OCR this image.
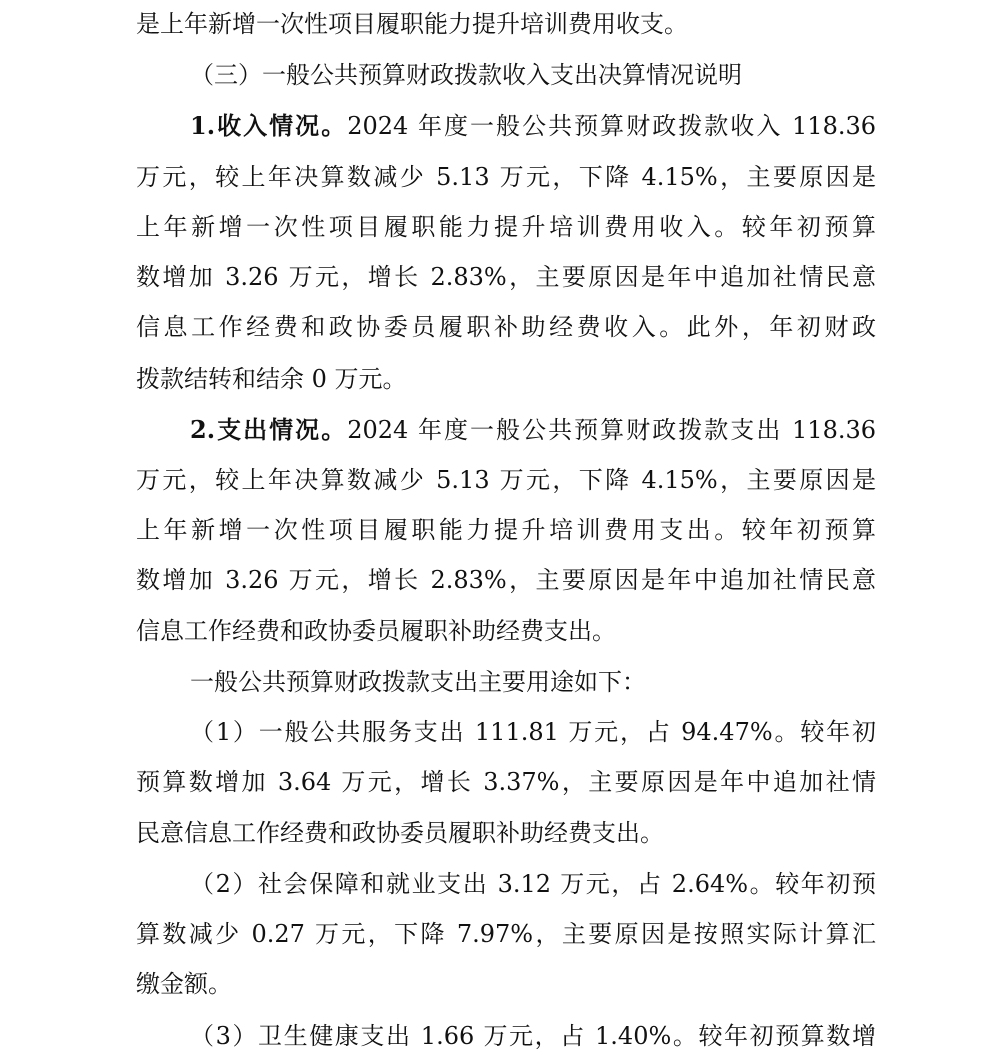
是上年新增一次性项目履职能力提升培训费用收支。
（三）一般公共预算财政拨款收入支出决算情况说明
1.收入情况。2024 年度一般公共预算财政拨款收入 118.36
万元，较上年决算数减少 5.13 万元，下降 4.15%，主要原因是
上年新增一次性项目履职能力提升培训费用收入。较年初预算
数增加 3.26 万元，增长 2.83%，主要原因是年中追加社情民意
信息工作经费和政协委员履职补助经费收入。此外，年初财政
拨款结转和结余 0 万元。
2.支出情况。2024 年度一般公共预算财政拨款支出 118.36
万元，较上年决算数减少 5.13 万元，下降 4.15%，主要原因是
上年新增一次性项目履职能力提升培训费用支出。较年初预算
数增加 3.26 万元，增长 2.83%，主要原因是年中追加社情民意
信息工作经费和政协委员履职补助经费支出。
一般公共预算财政拨款支出主要用途如下：
（1）一般公共服务支出 111.81 万元，占 94.47%。较年初
预算数增加 3.64 万元，增长 3.37%，主要原因是年中追加社情
民意信息工作经费和政协委员履职补助经费支出。
（2）社会保障和就业支出 3.12 万元，占 2.64%。较年初预
算数减少 0.27 万元，下降 7.97%，主要原因是按照实际计算汇
缴金额。
（3）卫生健康支出 1.66 万元，占 1.40%。较年初预算数增
